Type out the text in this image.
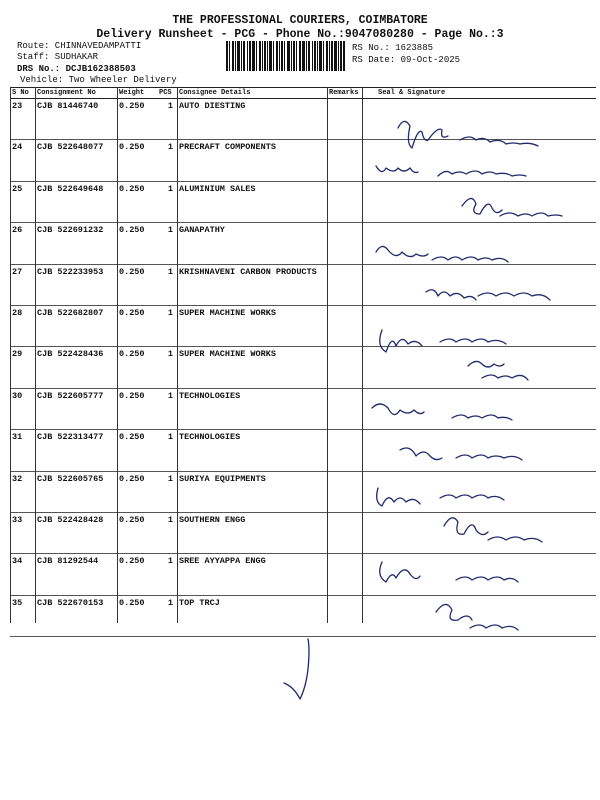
THE PROFESSIONAL COURIERS, COIMBATORE
Delivery Runsheet - PCG - Phone No.:9047080280 - Page No.:3
Route: CHINNAVEDAMPATTI
Staff: SUDHAKAR
DRS No.: DCJB162388503
Vehicle: Two Wheeler Delivery
RS No.: 1623885
RS Date: 09-Oct-2025
S No	Consignment No	Weight	PCS	Consignee Details	Remarks	Seal & Signature
23	CJB 81446740	0.250	1	AUTO DIESTING		
24	CJB 522648077	0.250	1	PRECRAFT COMPONENTS		
25	CJB 522649648	0.250	1	ALUMINIUM SALES		
26	CJB 522691232	0.250	1	GANAPATHY		
27	CJB 522233953	0.250	1	KRISHNAVENI CARBON PRODUCTS		
28	CJB 522682807	0.250	1	SUPER MACHINE WORKS		
29	CJB 522428436	0.250	1	SUPER MACHINE WORKS		
30	CJB 522605777	0.250	1	TECHNOLOGIES		
31	CJB 522313477	0.250	1	TECHNOLOGIES		
32	CJB 522605765	0.250	1	SURIYA EQUIPMENTS		
33	CJB 522428428	0.250	1	SOUTHERN ENGG		
34	CJB 81292544	0.250	1	SREE AYYAPPA ENGG		
35	CJB 522670153	0.250	1	TOP TRCJ		
